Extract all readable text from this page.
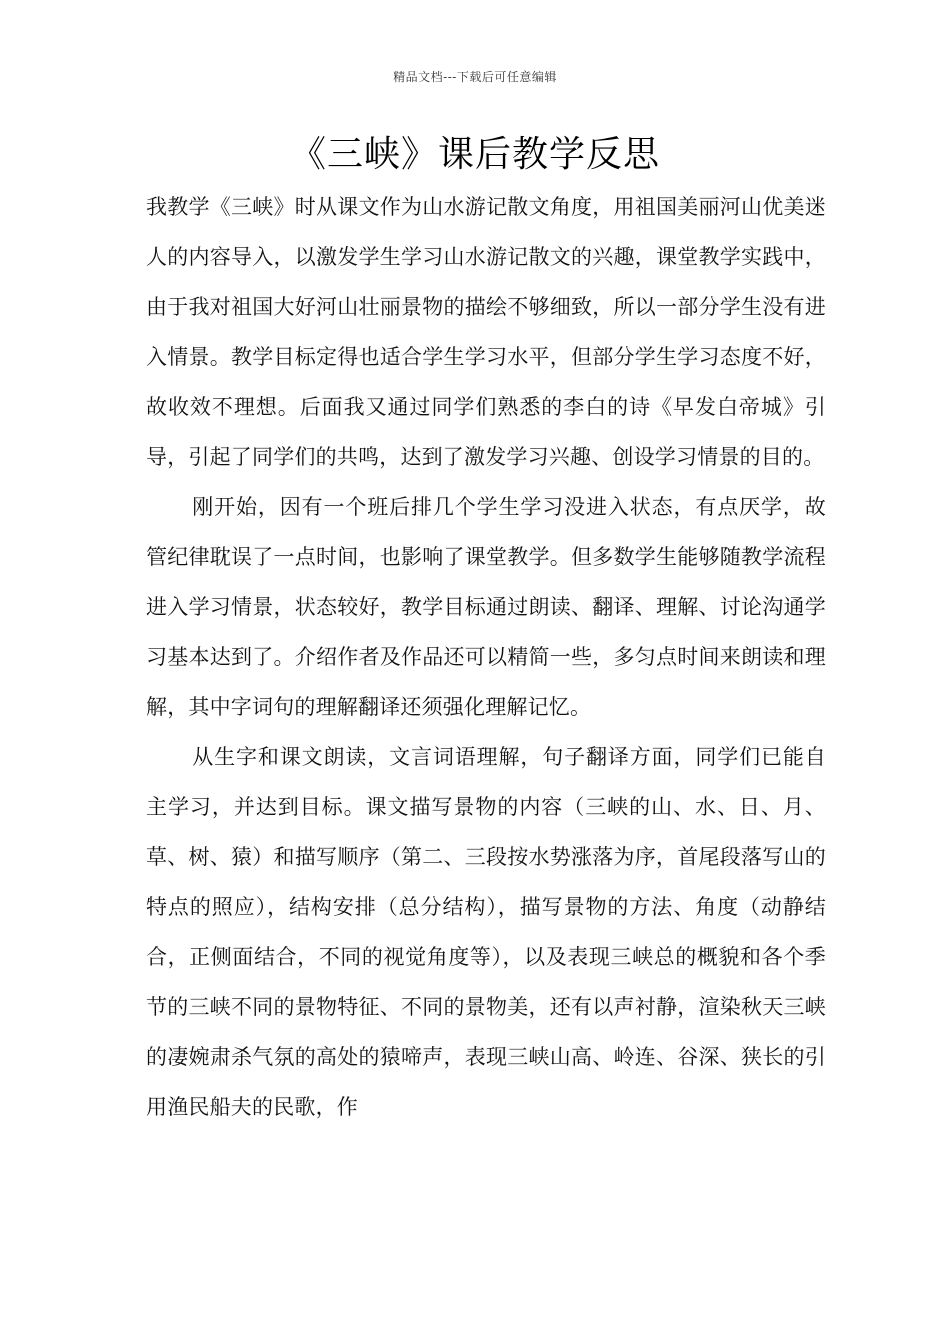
精品文档---下载后可任意编辑
《三峡》课后教学反思

我教学《三峡》时从课文作为山水游记散文角度，用祖国美丽河山优美迷人的内容导入，以激发学生学习山水游记散文的兴趣，课堂教学实践中，由于我对祖国大好河山壮丽景物的描绘不够细致，所以一部分学生没有进入情景。教学目标定得也适合学生学习水平，但部分学生学习态度不好，故收效不理想。后面我又通过同学们熟悉的李白的诗《早发白帝城》引导，引起了同学们的共鸣，达到了激发学习兴趣、创设学习情景的目的。

刚开始，因有一个班后排几个学生学习没进入状态，有点厌学，故管纪律耽误了一点时间，也影响了课堂教学。但多数学生能够随教学流程进入学习情景，状态较好，教学目标通过朗读、翻译、理解、讨论沟通学习基本达到了。介绍作者及作品还可以精简一些，多匀点时间来朗读和理解，其中字词句的理解翻译还须强化理解记忆。

从生字和课文朗读，文言词语理解，句子翻译方面，同学们已能自主学习，并达到目标。课文描写景物的内容（三峡的山、水、日、月、草、树、猿）和描写顺序（第二、三段按水势涨落为序，首尾段落写山的特点的照应），结构安排（总分结构），描写景物的方法、角度（动静结合，正侧面结合，不同的视觉角度等），以及表现三峡总的概貌和各个季节的三峡不同的景物特征、不同的景物美，还有以声衬静，渲染秋天三峡的凄婉肃杀气氛的高处的猿啼声，表现三峡山高、岭连、谷深、狭长的引用渔民船夫的民歌，作
